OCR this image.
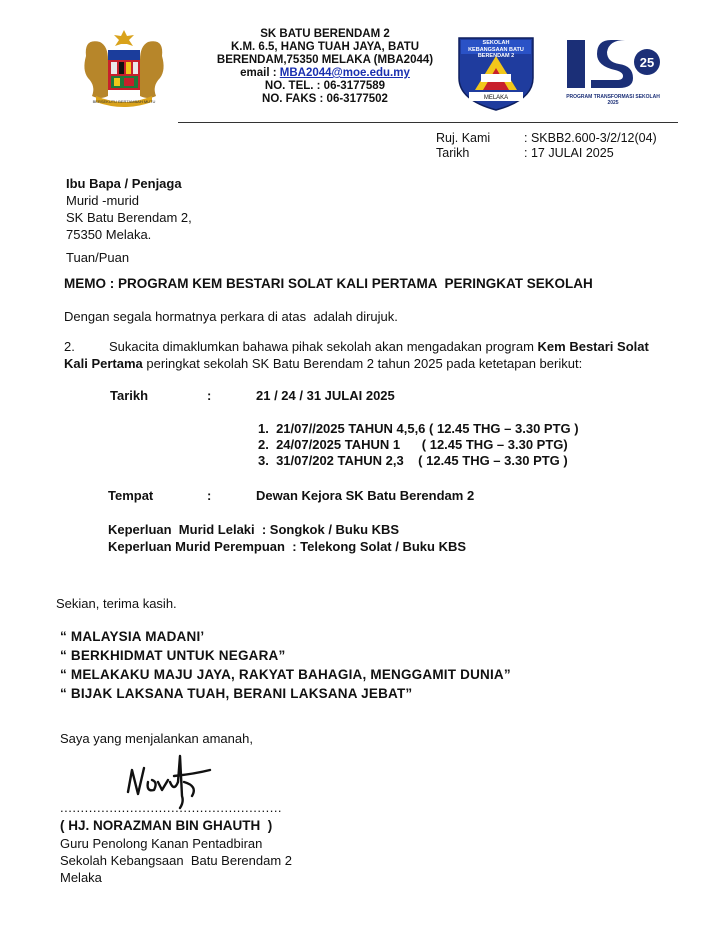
BERSEKUTU BERTAMBAH MUTU
SK BATU BERENDAM 2
K.M. 6.5, HANG TUAH JAYA, BATU
BERENDAM,75350 MELAKA (MBA2044)
email : MBA2044@moe.edu.my
NO. TEL. : 06-3177589
NO. FAKS : 06-3177502	MELAKA
SEKOLAH KEBANGSAAN BATU BERENDAM 2	25
PROGRAM TRANSFORMASI SEKOLAH 2025
Ruj. Kami	: SKBB2.600-3/2/12(04)
Tarikh	: 17 JULAI 2025
Ibu Bapa / Penjaga
Murid -murid
SK Batu Berendam 2,
75350 Melaka.
Tuan/Puan
MEMO : PROGRAM KEM BESTARI SOLAT KALI PERTAMA  PERINGKAT SEKOLAH
Dengan segala hormatnya perkara di atas  adalah dirujuk.
2.	Sukacita dimaklumkan bahawa pihak sekolah akan mengadakan program Kem Bestari Solat Kali Pertama peringkat sekolah SK Batu Berendam 2 tahun 2025 pada ketetapan berikut:
Tarikh	:	21 / 24 / 31 JULAI 2025
1.  21/07//2025 TAHUN 4,5,6 ( 12.45 THG – 3.30 PTG )
2.  24/07/2025 TAHUN 1      ( 12.45 THG – 3.30 PTG)
3.  31/07/202 TAHUN 2,3    ( 12.45 THG – 3.30 PTG )
Tempat	:	Dewan Kejora SK Batu Berendam 2
Keperluan  Murid Lelaki  : Songkok / Buku KBS
Keperluan Murid Perempuan  : Telekong Solat / Buku KBS
Sekian, terima kasih.
“ MALAYSIA MADANI’
“ BERKHIDMAT UNTUK NEGARA”
“ MELAKAKU MAJU JAYA, RAKYAT BAHAGIA, MENGGAMIT DUNIA”
“ BIJAK LAKSANA TUAH, BERANI LAKSANA JEBAT”
Saya yang menjalankan amanah,
......................................................
( HJ. NORAZMAN BIN GHAUTH  )
Guru Penolong Kanan Pentadbiran
Sekolah Kebangsaan  Batu Berendam 2
Melaka
